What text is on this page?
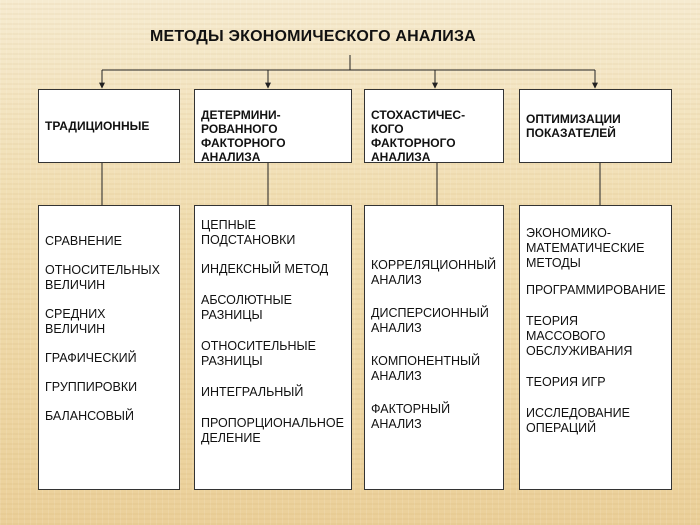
МЕТОДЫ ЭКОНОМИЧЕСКОГО АНАЛИЗА
ТРАДИЦИОННЫЕ

ДЕТЕРМИНИ-
РОВАННОГО
ФАКТОРНОГО
АНАЛИЗА

СТОХАСТИЧЕС-
КОГО
ФАКТОРНОГО
АНАЛИЗА

ОПТИМИЗАЦИИ
ПОКАЗАТЕЛЕЙ
СРАВНЕНИЕ
ОТНОСИТЕЛЬНЫХ
ВЕЛИЧИН
СРЕДНИХ
ВЕЛИЧИН
ГРАФИЧЕСКИЙ
ГРУППИРОВКИ
БАЛАНСОВЫЙ
ЦЕПНЫЕ
ПОДСТАНОВКИ
ИНДЕКСНЫЙ МЕТОД
АБСОЛЮТНЫЕ
РАЗНИЦЫ
ОТНОСИТЕЛЬНЫЕ
РАЗНИЦЫ
ИНТЕГРАЛЬНЫЙ
ПРОПОРЦИОНАЛЬНОЕ
ДЕЛЕНИЕ
КОРРЕЛЯЦИОННЫЙ
АНАЛИЗ
ДИСПЕРСИОННЫЙ
АНАЛИЗ
КОМПОНЕНТНЫЙ
АНАЛИЗ
ФАКТОРНЫЙ
АНАЛИЗ
ЭКОНОМИКО-
МАТЕМАТИЧЕСКИЕ
МЕТОДЫ
ПРОГРАММИРОВАНИЕ
ТЕОРИЯ
МАССОВОГО
ОБСЛУЖИВАНИЯ
ТЕОРИЯ ИГР
ИССЛЕДОВАНИЕ
ОПЕРАЦИЙ
